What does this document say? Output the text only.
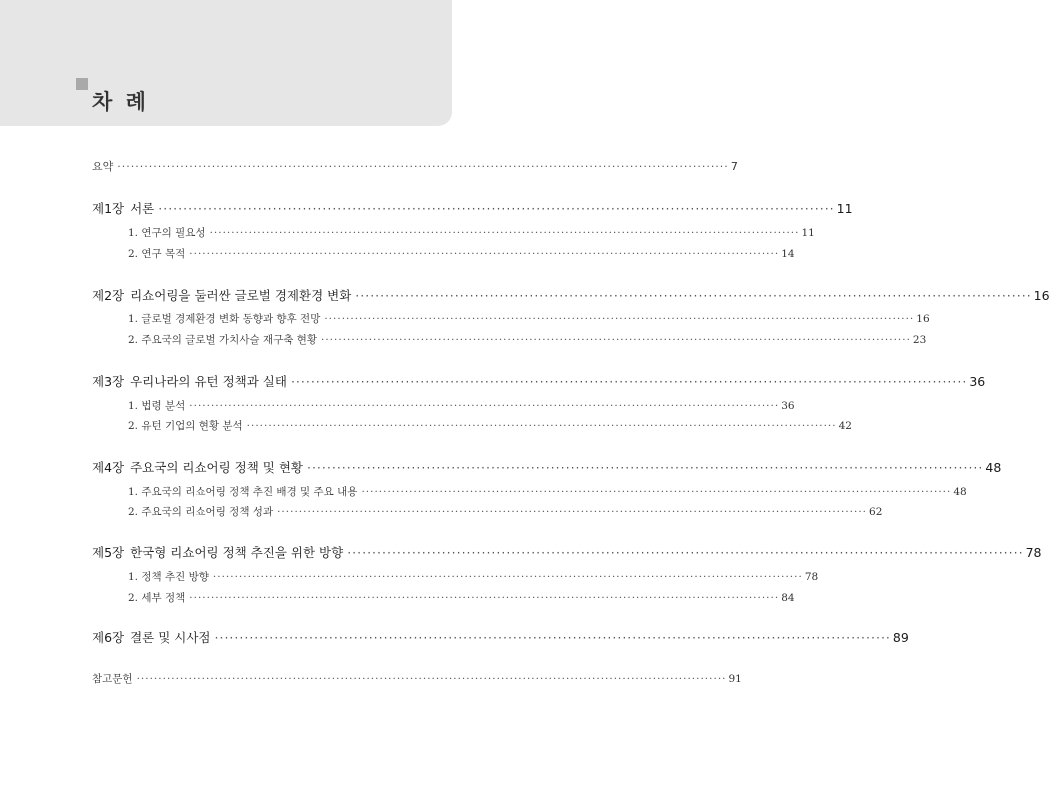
차 례
요약 ········································································································································ 7
제1장 서론 ········································································································································ 11
1. 연구의 필요성 ········································································································································ 11
2. 연구 목적 ········································································································································ 14
제2장 리쇼어링을 둘러싼 글로벌 경제환경 변화 ········································································································································ 16
1. 글로벌 경제환경 변화 동향과 향후 전망 ········································································································································ 16
2. 주요국의 글로벌 가치사슬 재구축 현황 ········································································································································ 23
제3장 우리나라의 유턴 정책과 실태 ········································································································································ 36
1. 법령 분석 ········································································································································ 36
2. 유턴 기업의 현황 분석 ········································································································································ 42
제4장 주요국의 리쇼어링 정책 및 현황 ········································································································································ 48
1. 주요국의 리쇼어링 정책 추진 배경 및 주요 내용 ········································································································································ 48
2. 주요국의 리쇼어링 정책 성과 ········································································································································ 62
제5장 한국형 리쇼어링 정책 추진을 위한 방향 ········································································································································ 78
1. 정책 추진 방향 ········································································································································ 78
2. 세부 정책 ········································································································································ 84
제6장 결론 및 시사점 ········································································································································ 89
참고문헌 ········································································································································ 91
